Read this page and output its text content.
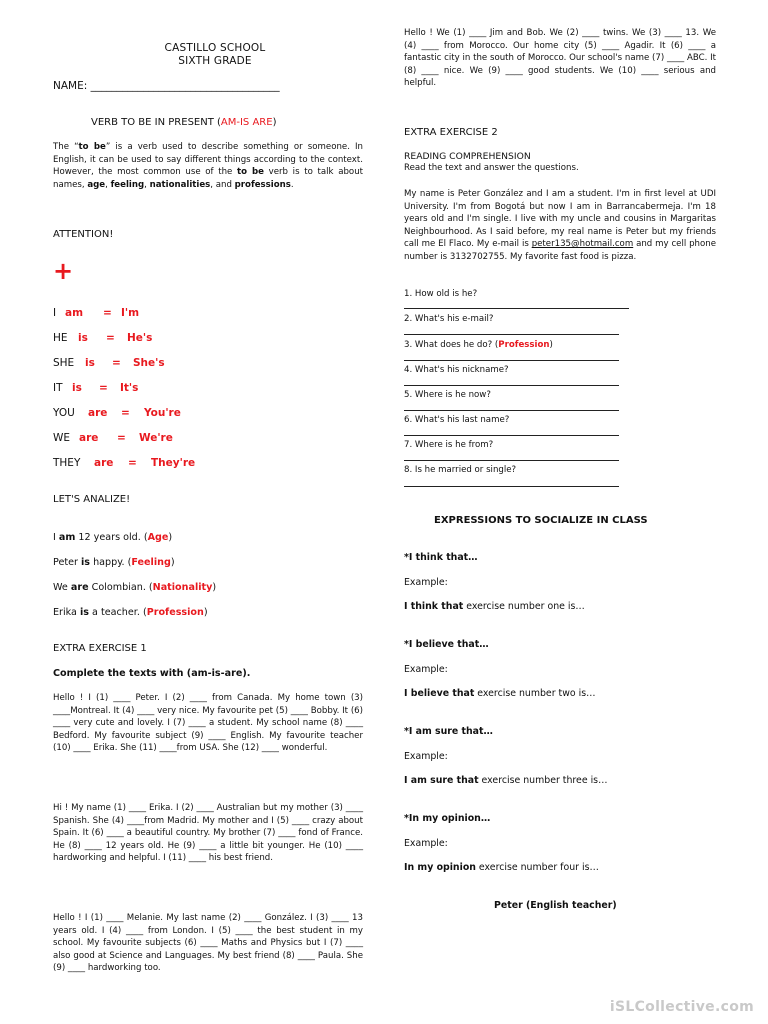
CASTILLO SCHOOL
SIXTH GRADE
NAME: ____________________________________
VERB TO BE IN PRESENT (AM-IS ARE)
The “to be” is a verb used to describe something or someone. In English, it can be used to say different things according to the context. However, the most common use of the to be verb is to talk about names, age, feeling, nationalities, and professions.
ATTENTION!
+
I am = I'm
HE is = He's
SHE is = She's
IT is = It's
YOU are = You're
WE are = We're
THEY are = They're
LET'S ANALIZE!
I am 12 years old. (Age)
Peter is happy. (Feeling)
We are Colombian. (Nationality)
Erika is a teacher. (Profession)
EXTRA EXERCISE 1
Complete the texts with (am-is-are).
Hello ! I (1) ____ Peter. I (2) ____ from Canada. My home town (3) ____Montreal. It (4) ____ very nice. My favourite pet (5) ____ Bobby. It (6) ____ very cute and lovely. I (7) ____ a student. My school name (8) ____ Bedford. My favourite subject (9) ____ English. My favourite teacher (10) ____ Erika. She (11) ____from USA. She (12) ____ wonderful.
Hi ! My name (1) ____ Erika. I (2) ____ Australian but my mother (3) ____ Spanish. She (4) ____from Madrid. My mother and I (5) ____ crazy about Spain. It (6) ____ a beautiful country. My brother (7) ____ fond of France. He (8) ____ 12 years old. He (9) ____ a little bit younger. He (10) ____ hardworking and helpful. I (11) ____ his best friend.
Hello ! I (1) ____ Melanie. My last name (2) ____ González. I (3) ____ 13 years old. I (4) ____ from London. I (5) ____ the best student in my school. My favourite subjects (6) ____ Maths and Physics but I (7) ____ also good at Science and Languages. My best friend (8) ____ Paula. She (9) ____ hardworking too.
Hello ! We (1) ____ Jim and Bob. We (2) ____ twins. We (3) ____ 13. We (4) ____ from Morocco. Our home city (5) ____ Agadir. It (6) ____ a fantastic city in the south of Morocco. Our school's name (7) ____ ABC. It (8) ____ nice. We (9) ____ good students. We (10) ____ serious and helpful.
EXTRA EXERCISE 2
READING COMPREHENSION
Read the text and answer the questions.
My name is Peter González and I am a student. I'm in first level at UDI University. I'm from Bogotá but now I am in Barrancabermeja. I'm 18 years old and I'm single. I live with my uncle and cousins in Margaritas Neighbourhood. As I said before, my real name is Peter but my friends call me El Flaco. My e-mail is peter135@hotmail.com and my cell phone number is 3132702755. My favorite fast food is pizza.
1. How old is he?
2. What's his e-mail?
3. What does he do? (Profession)
4. What's his nickname?
5. Where is he now?
6. What's his last name?
7. Where is he from?
8. Is he married or single?
EXPRESSIONS TO SOCIALIZE IN CLASS
*I think that…
Example:
I think that exercise number one is…
*I believe that…
Example:
I believe that exercise number two is…
*I am sure that…
Example:
I am sure that exercise number three is…
*In my opinion…
Example:
In my opinion exercise number four is…
Peter (English teacher)
iSLCollective.com
